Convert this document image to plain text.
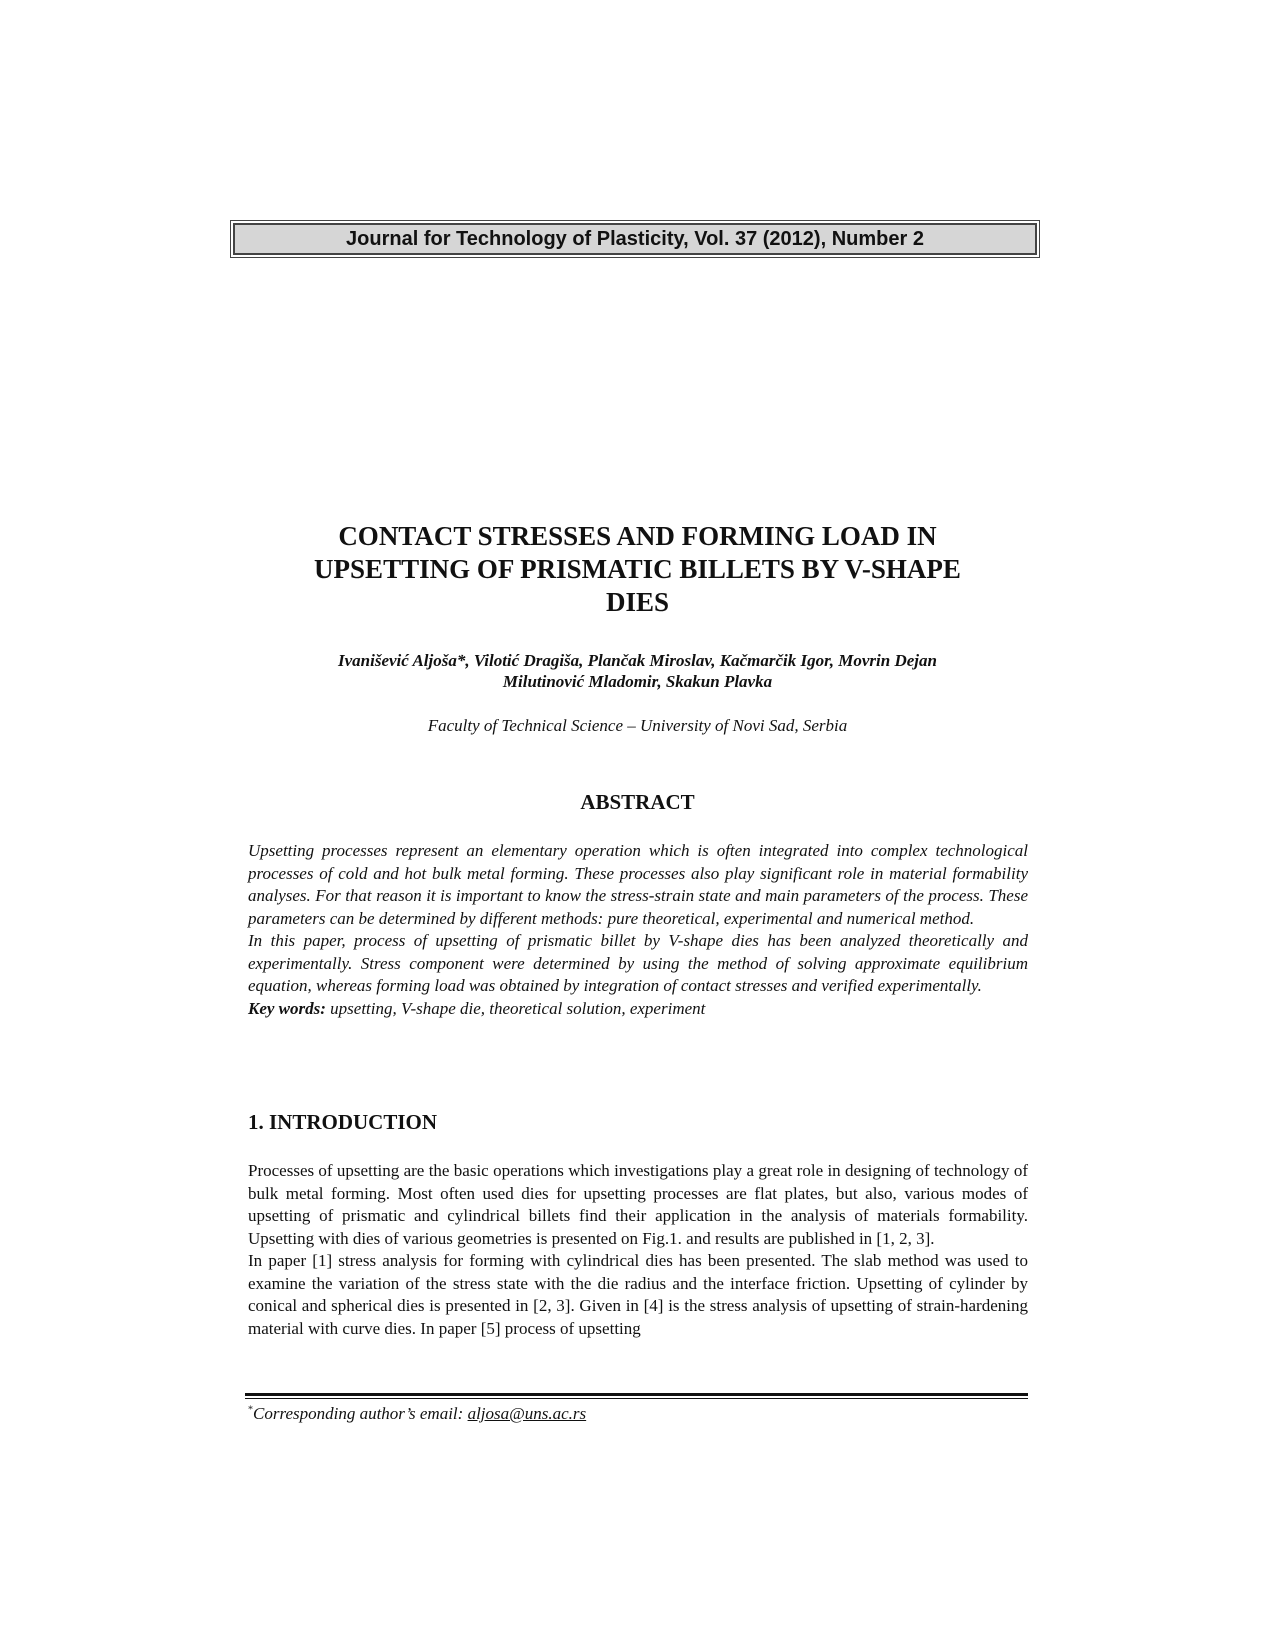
Journal for Technology of Plasticity, Vol. 37 (2012), Number 2
CONTACT STRESSES AND FORMING LOAD IN
UPSETTING OF PRISMATIC BILLETS BY V-SHAPE
DIES
Ivanišević Aljoša*, Vilotić Dragiša, Plančak Miroslav, Kačmarčik Igor, Movrin Dejan
Milutinović Mladomir, Skakun Plavka
Faculty of Technical Science – University of Novi Sad, Serbia
ABSTRACT

Upsetting processes represent an elementary operation which is often integrated into complex technological processes of cold and hot bulk metal forming. These processes also play significant role in material formability analyses. For that reason it is important to know the stress-strain state and main parameters of the process. These parameters can be determined by different methods: pure theoretical, experimental and numerical method.

In this paper, process of upsetting of prismatic billet by V-shape dies has been analyzed theoretically and experimentally. Stress component were determined by using the method of solving approximate equilibrium equation, whereas forming load was obtained by integration of contact stresses and verified experimentally.

Key words: upsetting, V-shape die, theoretical solution, experiment

1. INTRODUCTION

Processes of upsetting are the basic operations which investigations play a great role in designing of technology of bulk metal forming. Most often used dies for upsetting processes are flat plates, but also, various modes of upsetting of prismatic and cylindrical billets find their application in the analysis of materials formability. Upsetting with dies of various geometries is presented on Fig.1. and results are published in [1, 2, 3].

In paper [1] stress analysis for forming with cylindrical dies has been presented. The slab method was used to examine the variation of the stress state with the die radius and the interface friction. Upsetting of cylinder by conical and spherical dies is presented in [2, 3]. Given in [4] is the stress analysis of upsetting of strain-hardening material with curve dies. In paper [5] process of upsetting

*Corresponding author’s email: aljosa@uns.ac.rs
